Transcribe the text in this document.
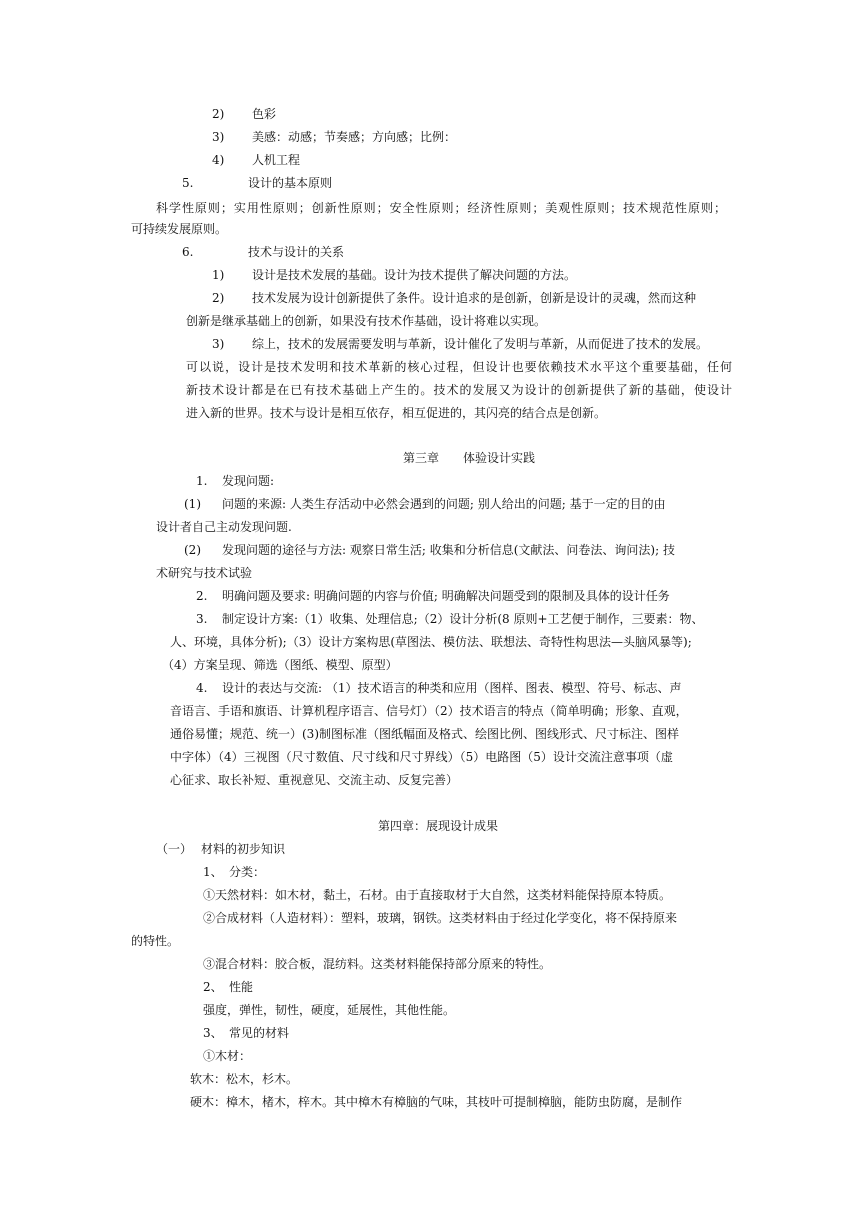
2) 色彩
3) 美感：动感；节奏感；方向感；比例：
4) 人机工程
5.	设计的基本原则
科学性原则；实用性原则；创新性原则；安全性原则；经济性原则；美观性原则；技术规范性原则；
可持续发展原则。
6.	技术与设计的关系
1) 设计是技术发展的基础。设计为技术提供了解决问题的方法。
2) 技术发展为设计创新提供了条件。设计追求的是创新，创新是设计的灵魂，然而这种
创新是继承基础上的创新，如果没有技术作基础，设计将难以实现。
3) 综上，技术的发展需要发明与革新，设计催化了发明与革新，从而促进了技术的发展。
可以说，设计是技术发明和技术革新的核心过程，但设计也要依赖技术水平这个重要基础，任何
新技术设计都是在已有技术基础上产生的。技术的发展又为设计的创新提供了新的基础，使设计
进入新的世界。技术与设计是相互依存，相互促进的，其闪亮的结合点是创新。
第三章　　体验设计实践
1. 发现问题:
(1) 问题的来源: 人类生存活动中必然会遇到的问题; 别人给出的问题; 基于一定的目的由
设计者自己主动发现问题.
(2) 发现问题的途径与方法: 观察日常生活; 收集和分析信息(文献法、问卷法、询问法); 技
术研究与技术试验
2. 明确问题及要求: 明确问题的内容与价值; 明确解决问题受到的限制及具体的设计任务
3. 制定设计方案:（1）收集、处理信息;（2）设计分析(8 原则+工艺便于制作，三要素：物、
人、环境，具体分析);（3）设计方案构思(草图法、模仿法、联想法、奇特性构思法—头脑风暴等);
（4）方案呈现、筛选（图纸、模型、原型）
4. 设计的表达与交流: （1）技术语言的种类和应用（图样、图表、模型、符号、标志、声
音语言、手语和旗语、计算机程序语言、信号灯）（2）技术语言的特点（简单明确；形象、直观，
通俗易懂；规范、统一）(3)制图标准（图纸幅面及格式、绘图比例、图线形式、尺寸标注、图样
中字体）（4）三视图（尺寸数值、尺寸线和尺寸界线）（5）电路图（5）设计交流注意事项（虚
心征求、取长补短、重视意见、交流主动、反复完善）
第四章：展现设计成果
（一） 材料的初步知识
1、 分类：
①天然材料：如木材，黏土，石材。由于直接取材于大自然，这类材料能保持原本特质。
②合成材料（人造材料）：塑料，玻璃，钢铁。这类材料由于经过化学变化，将不保持原来
的特性。
③混合材料：胶合板，混纺料。这类材料能保持部分原来的特性。
2、 性能
强度，弹性，韧性，硬度，延展性，其他性能。
3、 常见的材料
①木材：
软木：松木，杉木。
硬木：樟木，楮木，梓木。其中樟木有樟脑的气味，其枝叶可提制樟脑，能防虫防腐，是制作
